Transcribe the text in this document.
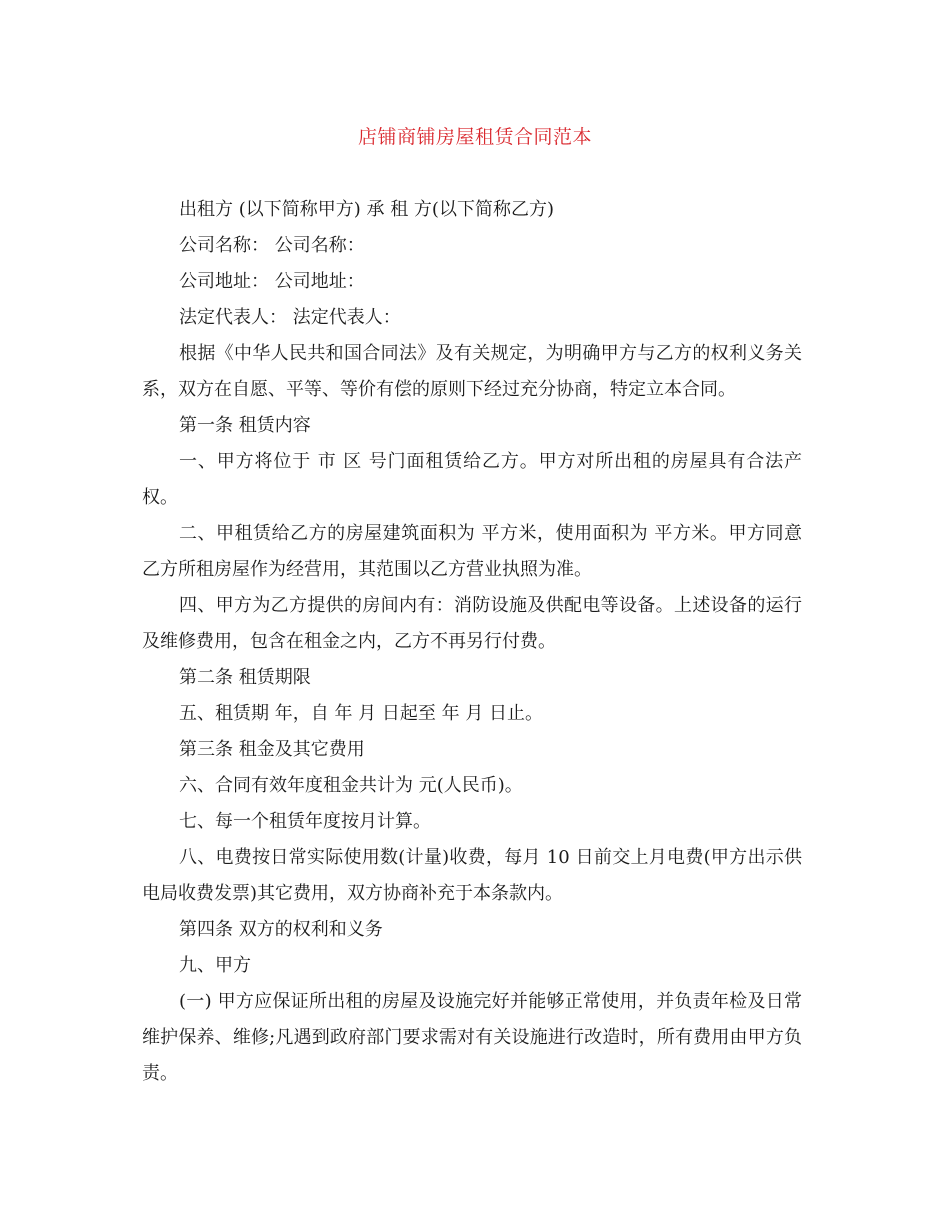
店铺商铺房屋租赁合同范本

出租方 (以下简称甲方) 承 租 方(以下简称乙方)

公司名称： 公司名称：

公司地址： 公司地址：

法定代表人： 法定代表人：

根据《中华人民共和国合同法》及有关规定，为明确甲方与乙方的权利义务关系，双方在自愿、平等、等价有偿的原则下经过充分协商，特定立本合同。

第一条 租赁内容

一、甲方将位于 市 区 号门面租赁给乙方。甲方对所出租的房屋具有合法产权。

二、甲租赁给乙方的房屋建筑面积为 平方米，使用面积为 平方米。甲方同意乙方所租房屋作为经营用，其范围以乙方营业执照为准。

四、甲方为乙方提供的房间内有：消防设施及供配电等设备。上述设备的运行及维修费用，包含在租金之内，乙方不再另行付费。

第二条 租赁期限

五、租赁期 年，自 年 月 日起至 年 月 日止。

第三条 租金及其它费用

六、合同有效年度租金共计为 元(人民币)。

七、每一个租赁年度按月计算。

八、电费按日常实际使用数(计量)收费，每月 10 日前交上月电费(甲方出示供电局收费发票)其它费用，双方协商补充于本条款内。

第四条 双方的权利和义务

九、甲方

(一) 甲方应保证所出租的房屋及设施完好并能够正常使用，并负责年检及日常维护保养、维修;凡遇到政府部门要求需对有关设施进行改造时，所有费用由甲方负责。
